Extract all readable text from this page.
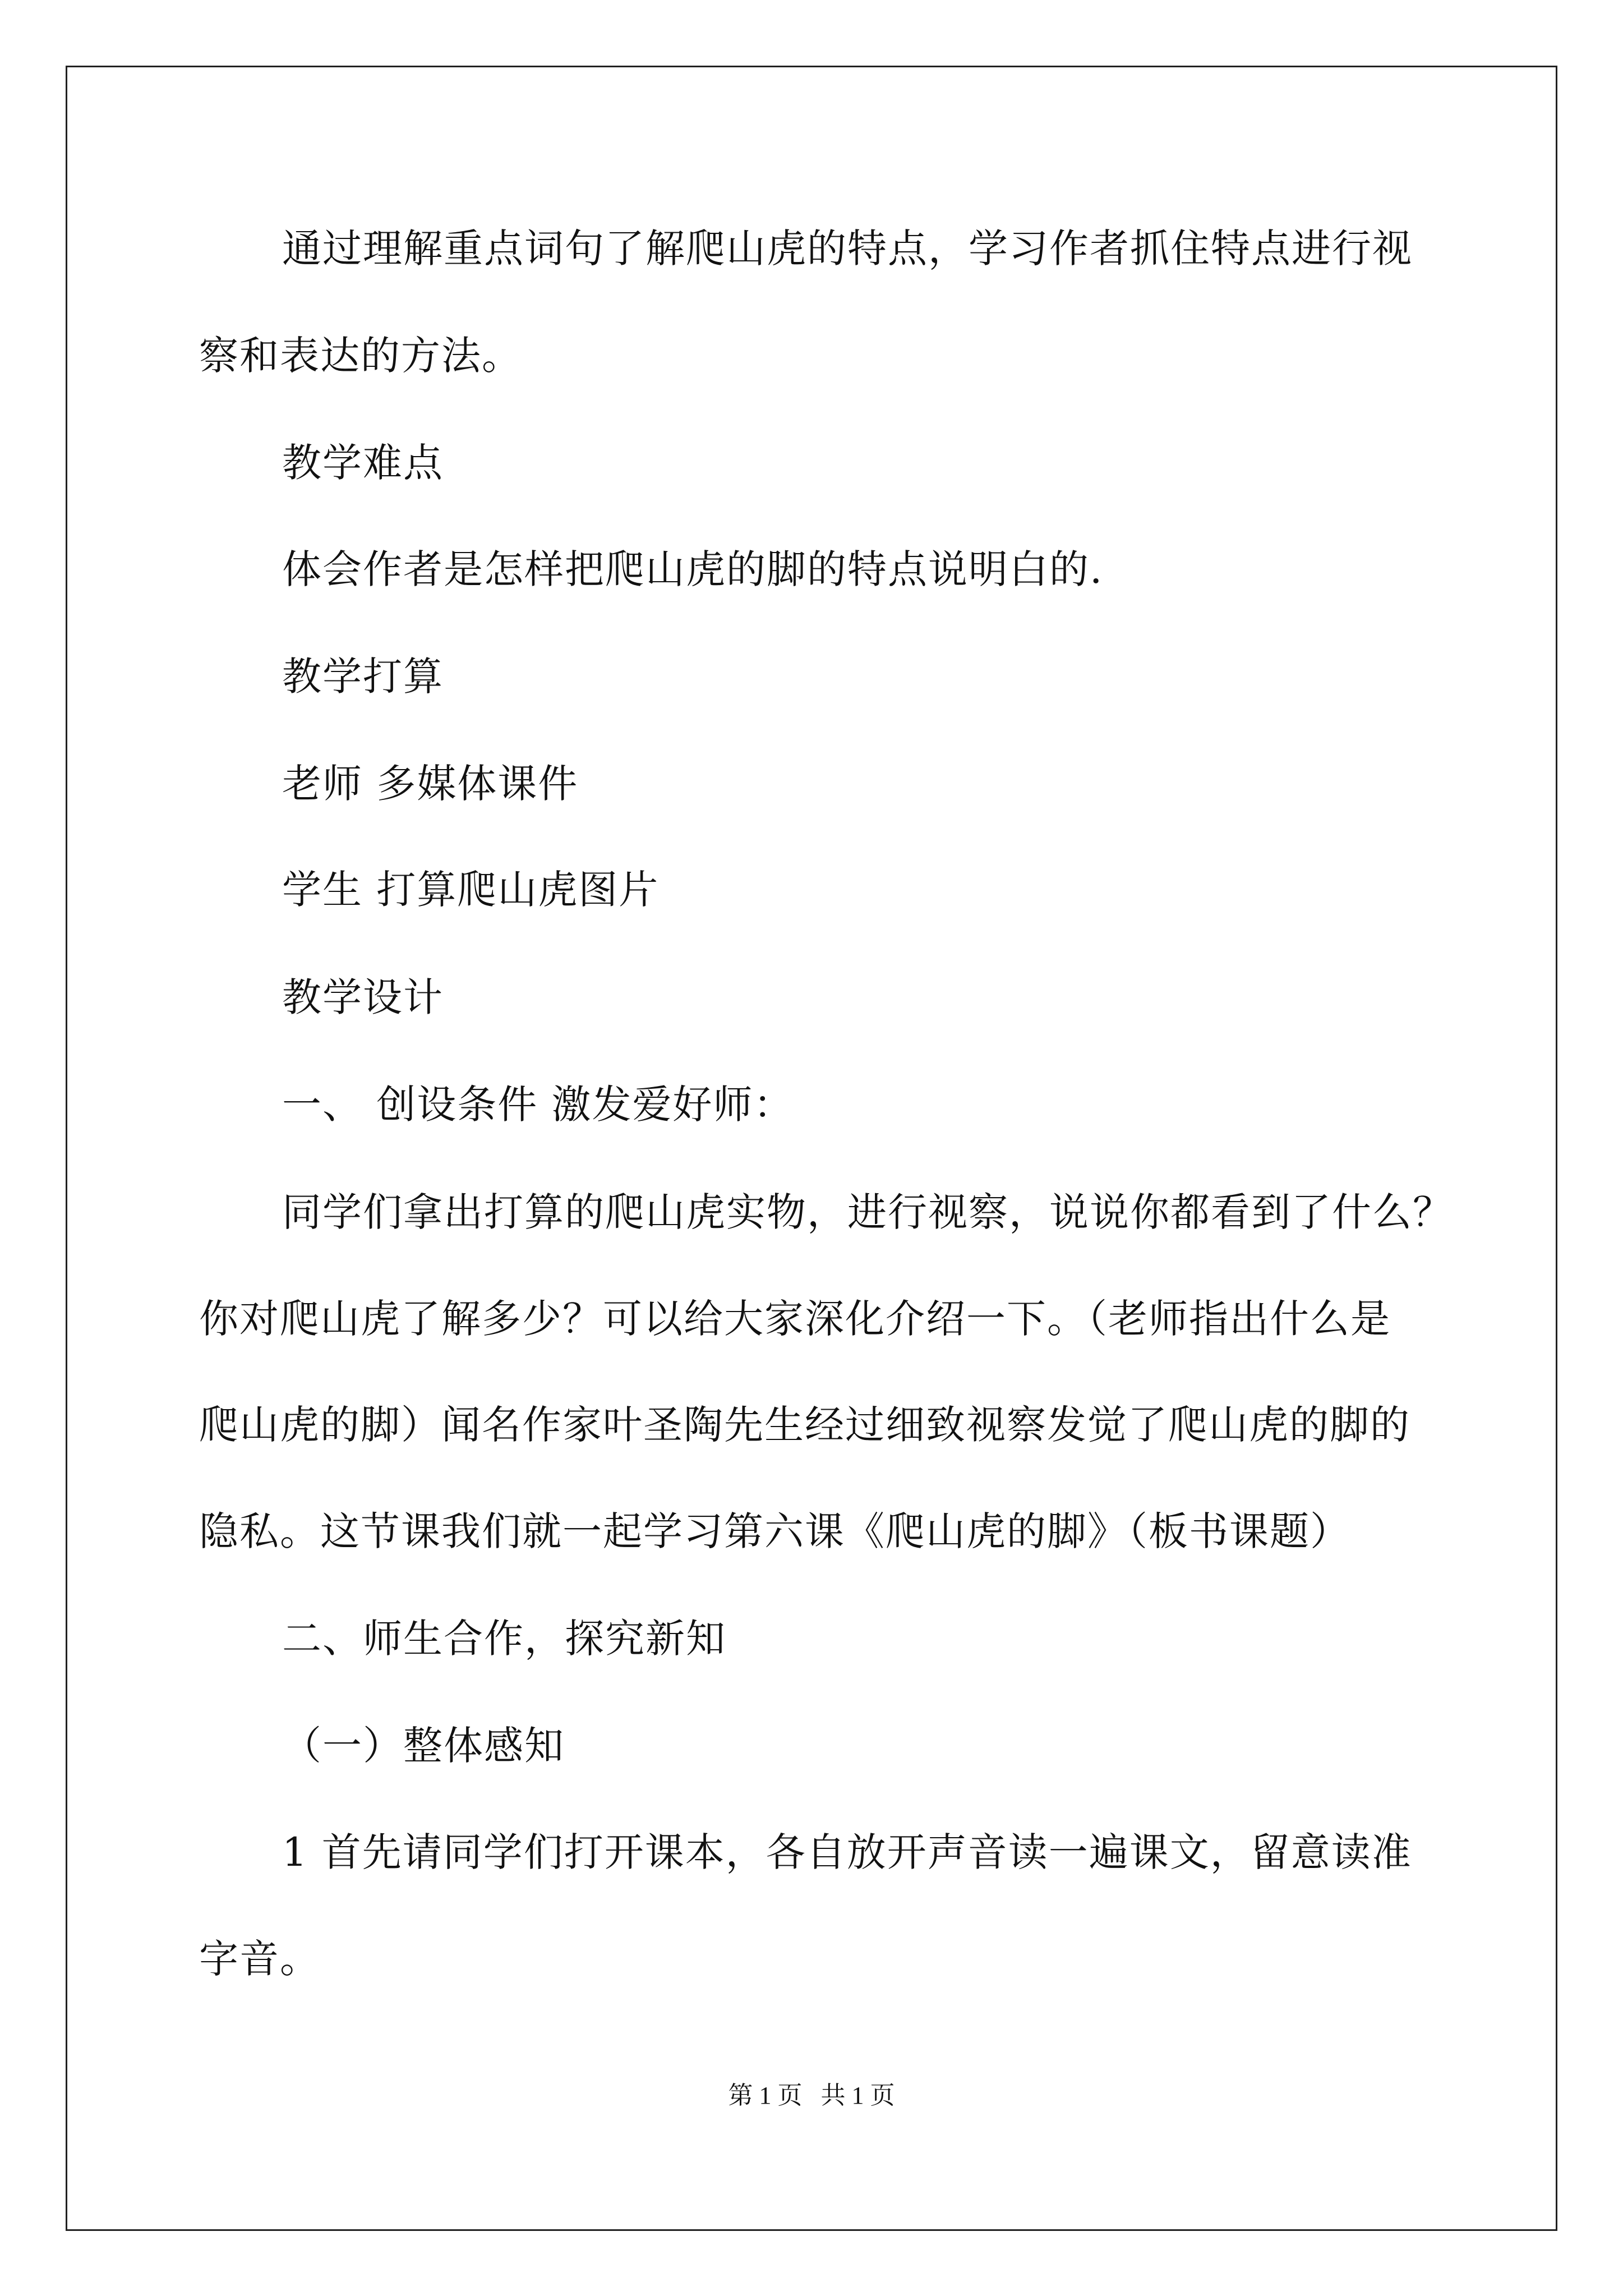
通过理解重点词句了解爬山虎的特点，学习作者抓住特点进行视
察和表达的方法。
教学难点
体会作者是怎样把爬山虎的脚的特点说明白的.
教学打算
老师 多媒体课件
学生 打算爬山虎图片
教学设计
一、 创设条件 激发爱好师：
同学们拿出打算的爬山虎实物，进行视察，说说你都看到了什么？
你对爬山虎了解多少？可以给大家深化介绍一下。（老师指出什么是
爬山虎的脚）闻名作家叶圣陶先生经过细致视察发觉了爬山虎的脚的
隐私。这节课我们就一起学习第六课《爬山虎的脚》（板书课题）
二、师生合作，探究新知
（一）整体感知
1 首先请同学们打开课本，各自放开声音读一遍课文，留意读准
字音。
第 1 页   共 1 页
